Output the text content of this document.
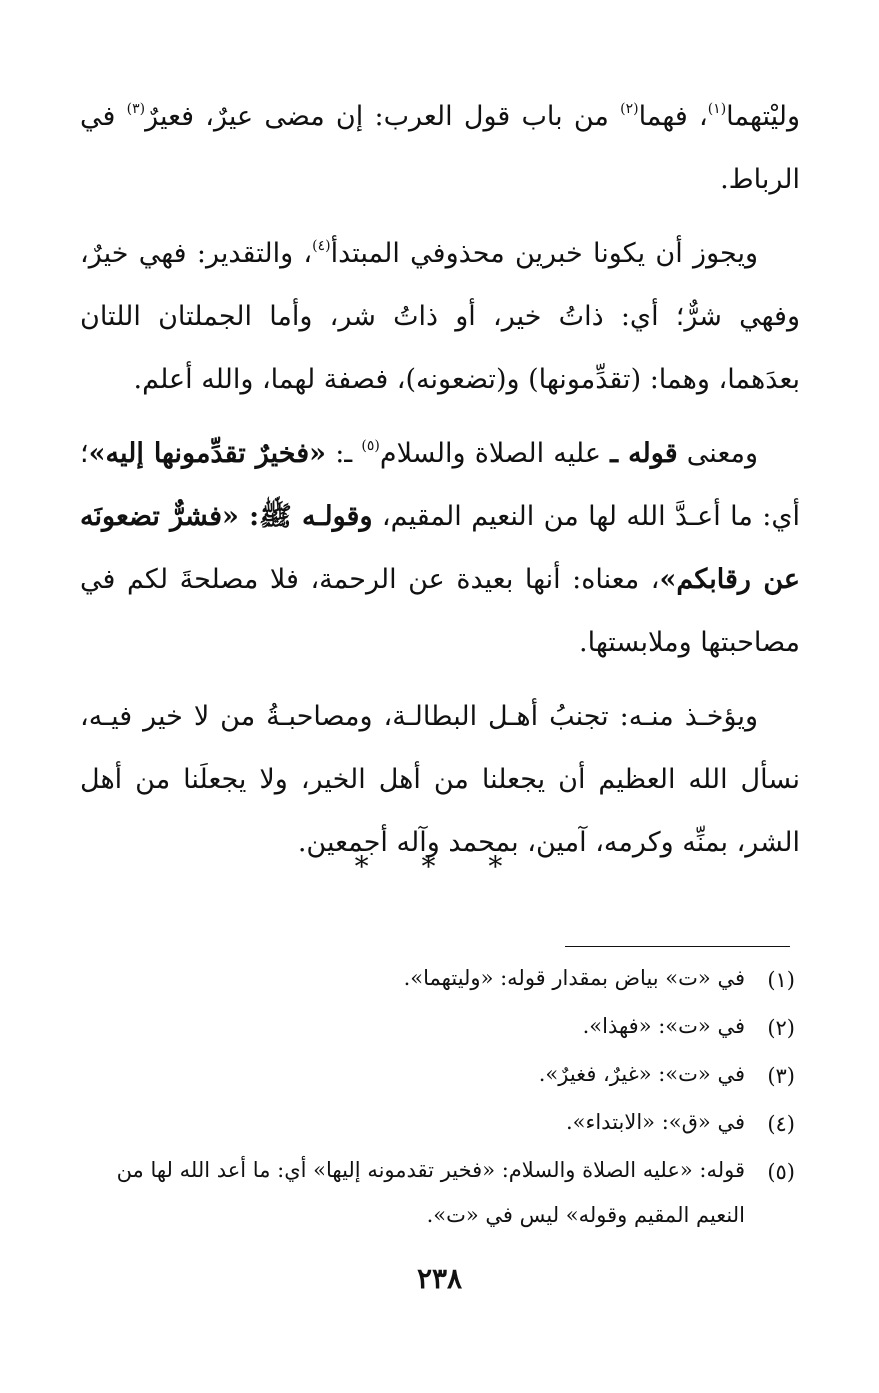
وليْتهما$^{(١)}$، فهما$^{(٢)}$ من باب قول العرب: إن مضى عيرٌ، فعيرٌ$^{(٣)}$ في الرباط.

ويجوز أن يكونا خبرين محذوفي المبتدأ$^{(٤)}$، والتقدير: فهي خيرٌ، وفهي شرٌّ؛ أي: ذاتُ خير، أو ذاتُ شر، وأما الجملتان اللتان بعدَهما، وهما: (تقدِّمونها) و(تضعونه)، فصفة لهما، والله أعلم.

ومعنى قوله ـ عليه الصلاة والسلام$^{(٥)}$ ـ: «فخيرٌ تقدِّمونها إليه»؛ أي: ما أعـدَّ الله لها من النعيم المقيم، وقولـه ﷺ: «فشرٌّ تضعونَه عن رقابكم»، معناه: أنها بعيدة عن الرحمة، فلا مصلحةَ لكم في مصاحبتها وملابستها.

ويؤخـذ منـه: تجنبُ أهـل البطالـة، ومصاحبـةُ من لا خير فيـه، نسأل الله العظيم أن يجعلنا من أهل الخير، ولا يجعلَنا من أهل الشر، بمنِّه وكرمه، آمين، بمحمد وآله أجمعين.

* * *
(١)
في «ت» بياض بمقدار قوله: «وليتهما».
(٢)
في «ت»: «فهذا».
(٣)
في «ت»: «غيرٌ، فغيرٌ».
(٤)
في «ق»: «الابتداء».
(٥)
قوله: «عليه الصلاة والسلام: «فخير تقدمونه إليها» أي: ما أعد الله لها من النعيم المقيم وقوله» ليس في «ت».
٢٣٨
